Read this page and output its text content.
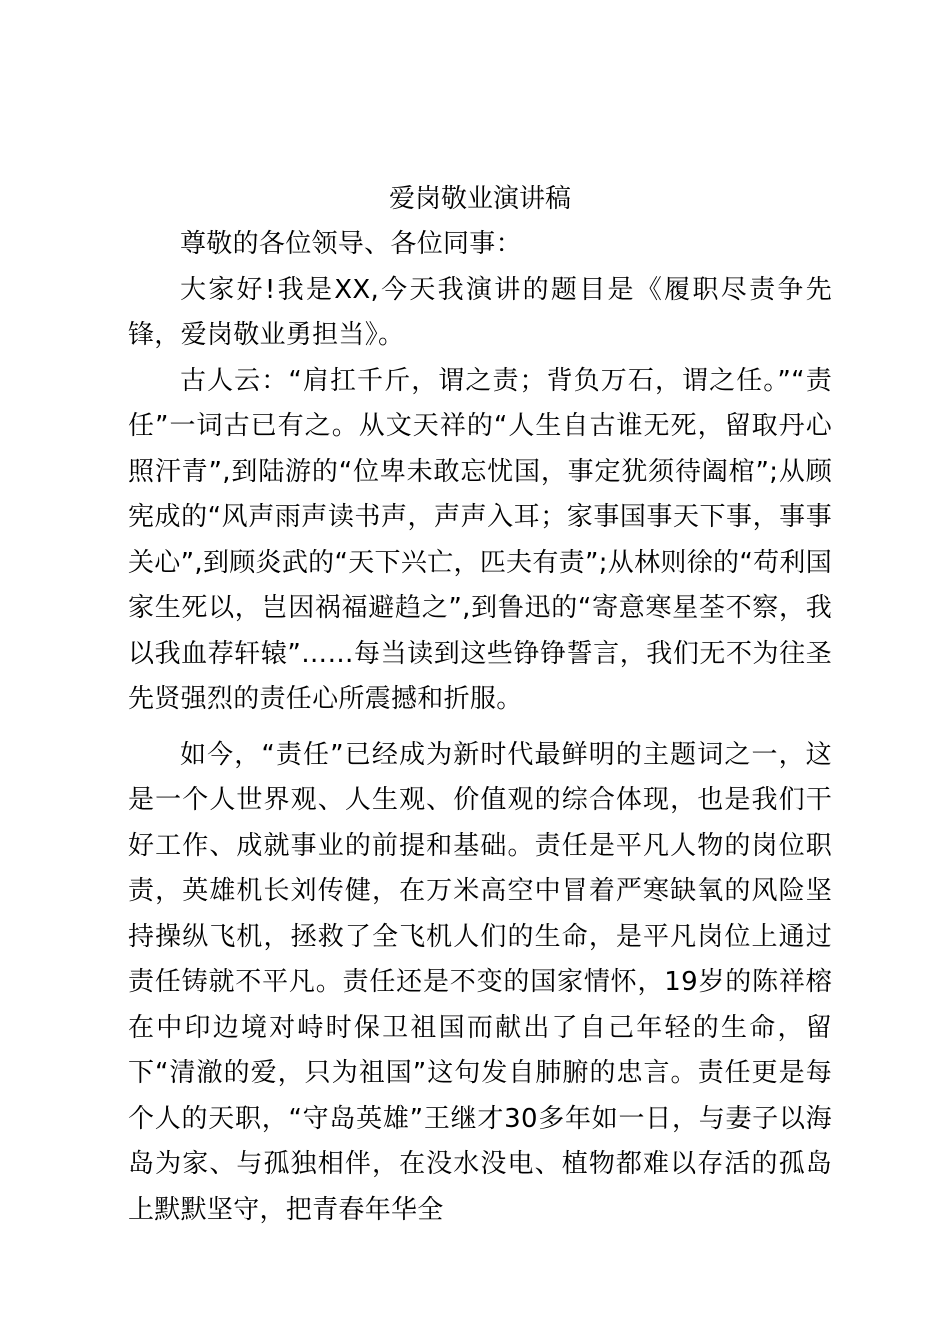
爱岗敬业演讲稿

尊敬的各位领导、各位同事：

大家好!我是XX,今天我演讲的题目是《履职尽责争先锋，爱岗敬业勇担当》。

古人云：“肩扛千斤，谓之责；背负万石，谓之任。”“责任”一词古已有之。从文天祥的“人生自古谁无死，留取丹心照汗青”,到陆游的“位卑未敢忘忧国，事定犹须待阖棺”;从顾宪成的“风声雨声读书声，声声入耳；家事国事天下事，事事关心”,到顾炎武的“天下兴亡，匹夫有责”;从林则徐的“苟利国家生死以，岂因祸福避趋之”,到鲁迅的“寄意寒星荃不察，我以我血荐轩辕”……每当读到这些铮铮誓言，我们无不为往圣先贤强烈的责任心所震撼和折服。

如今，“责任”已经成为新时代最鲜明的主题词之一，这是一个人世界观、人生观、价值观的综合体现，也是我们干好工作、成就事业的前提和基础。责任是平凡人物的岗位职责，英雄机长刘传健，在万米高空中冒着严寒缺氧的风险坚持操纵飞机，拯救了全飞机人们的生命，是平凡岗位上通过责任铸就不平凡。责任还是不变的国家情怀，19岁的陈祥榕在中印边境对峙时保卫祖国而献出了自己年轻的生命，留下“清澈的爱，只为祖国”这句发自肺腑的忠言。责任更是每个人的天职，“守岛英雄”王继才30多年如一日，与妻子以海岛为家、与孤独相伴，在没水没电、植物都难以存活的孤岛上默默坚守，把青春年华全
